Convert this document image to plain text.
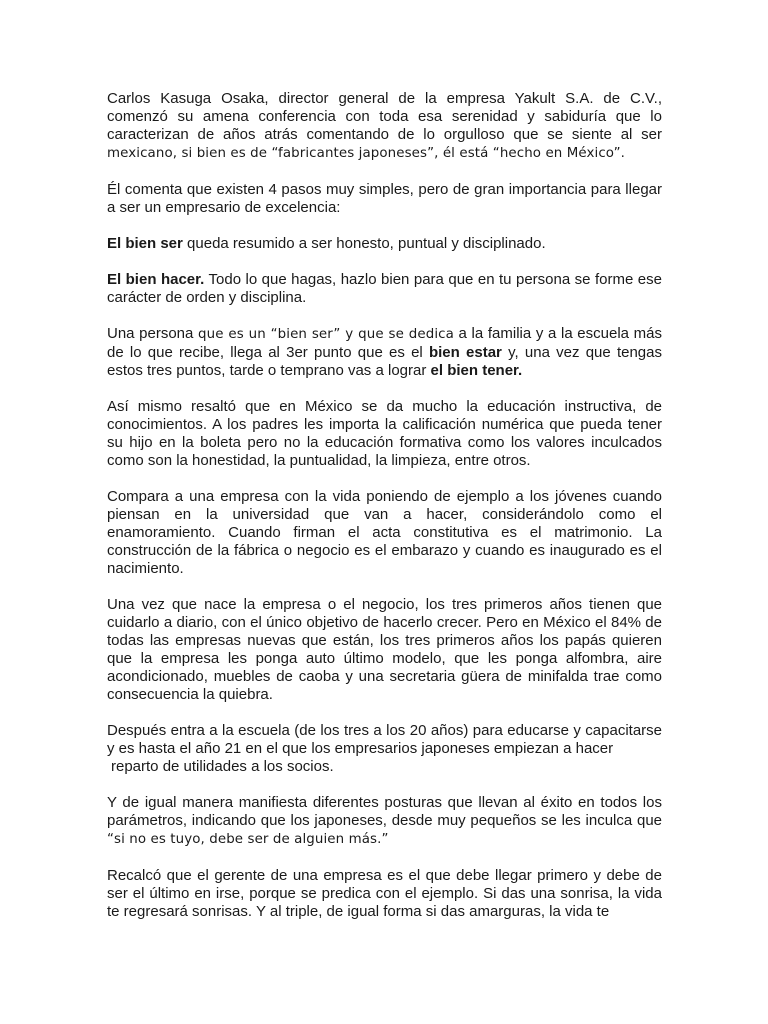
Carlos Kasuga Osaka, director general de la empresa Yakult S.A. de C.V., comenzó su amena conferencia con toda esa serenidad y sabiduría que lo caracterizan de años atrás comentando de lo orgulloso que se siente al ser mexicano, si bien es de “fabricantes japoneses”, él está “hecho en México”.

Él comenta que existen 4 pasos muy simples, pero de gran importancia para llegar a ser un empresario de excelencia:

El bien ser queda resumido a ser honesto, puntual y disciplinado.

El bien hacer. Todo lo que hagas, hazlo bien para que en tu persona se forme ese carácter de orden y disciplina.

Una persona que es un “bien ser” y que se dedica a la familia y a la escuela más de lo que recibe, llega al 3er punto que es el bien estar y, una vez que tengas estos tres puntos, tarde o temprano vas a lograr el bien tener.

Así mismo resaltó que en México se da mucho la educación instructiva, de conocimientos. A los padres les importa la calificación numérica que pueda tener su hijo en la boleta pero no la educación formativa como los valores inculcados como son la honestidad, la puntualidad, la limpieza, entre otros.

Compara a una empresa con la vida poniendo de ejemplo a los jóvenes cuando piensan en la universidad que van a hacer, considerándolo como el enamoramiento. Cuando firman el acta constitutiva es el matrimonio. La construcción de la fábrica o negocio es el embarazo y cuando es inaugurado es el nacimiento.

Una vez que nace la empresa o el negocio, los tres primeros años tienen que cuidarlo a diario, con el único objetivo de hacerlo crecer. Pero en México el 84% de todas las empresas nuevas que están, los tres primeros años los papás quieren que la empresa les ponga auto último modelo, que les ponga alfombra, aire acondicionado, muebles de caoba y una secretaria güera de minifalda trae como consecuencia la quiebra.

Después entra a la escuela (de los tres a los 20 años) para educarse y capacitarse y es hasta el año 21 en el que los empresarios japoneses empiezan a hacer
reparto de utilidades a los socios.

Y de igual manera manifiesta diferentes posturas que llevan al éxito en todos los parámetros, indicando que los japoneses, desde muy pequeños se les inculca que “si no es tuyo, debe ser de alguien más.”

Recalcó que el gerente de una empresa es el que debe llegar primero y debe de ser el último en irse, porque se predica con el ejemplo. Si das una sonrisa, la vida te regresará sonrisas. Y al triple, de igual forma si das amarguras, la vida te
